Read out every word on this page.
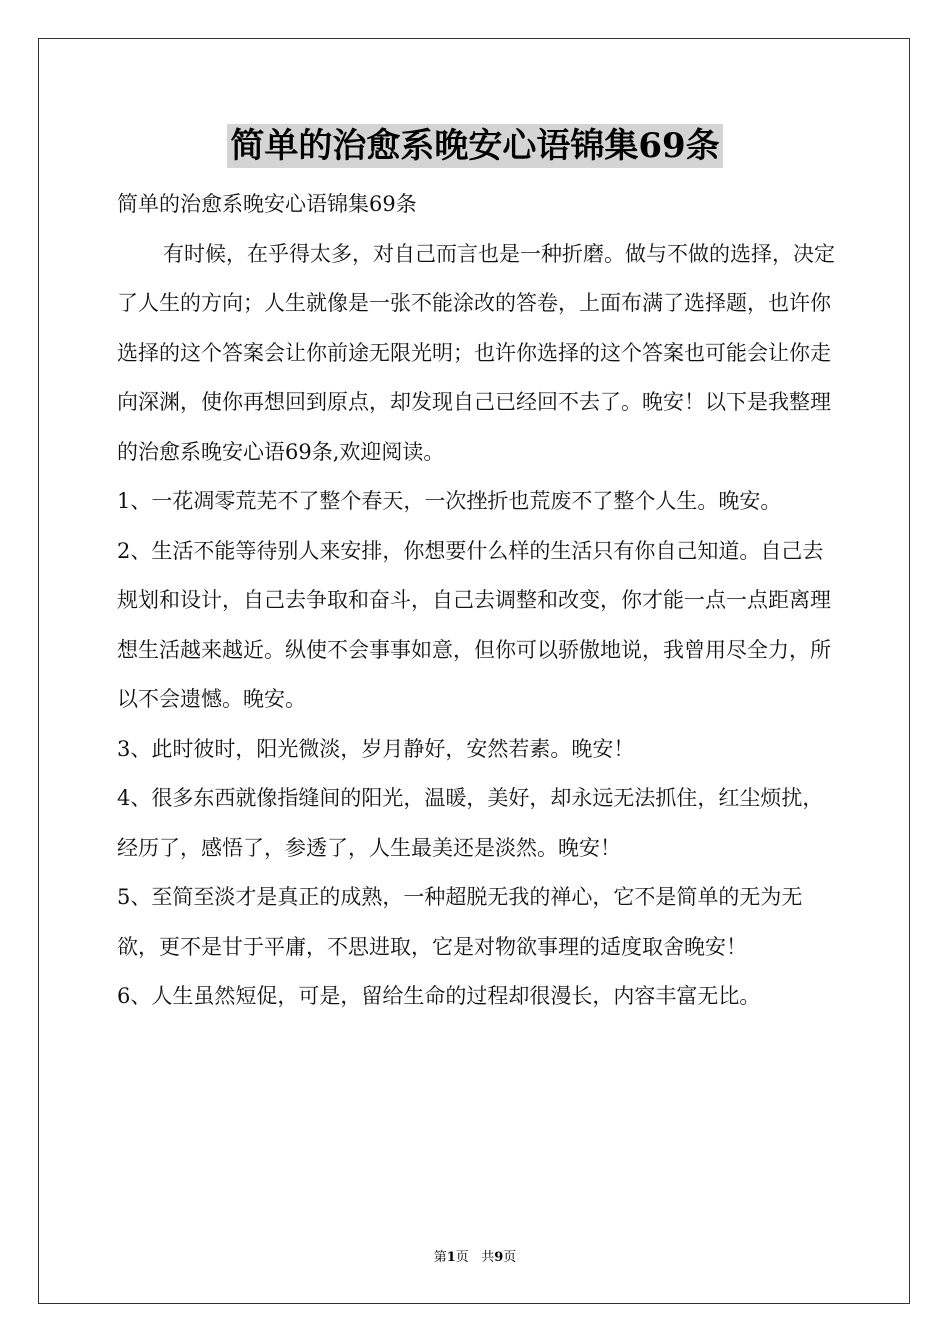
简单的治愈系晚安心语锦集69条

简单的治愈系晚安心语锦集69条

有时候，在乎得太多，对自己而言也是一种折磨。做与不做的选择，决定了人生的方向；人生就像是一张不能涂改的答卷，上面布满了选择题，也许你选择的这个答案会让你前途无限光明；也许你选择的这个答案也可能会让你走向深渊，使你再想回到原点，却发现自己已经回不去了。晚安！以下是我整理的治愈系晚安心语69条,欢迎阅读。

1、一花凋零荒芜不了整个春天，一次挫折也荒废不了整个人生。晚安。

2、生活不能等待别人来安排，你想要什么样的生活只有你自己知道。自己去规划和设计，自己去争取和奋斗，自己去调整和改变，你才能一点一点距离理想生活越来越近。纵使不会事事如意，但你可以骄傲地说，我曾用尽全力，所以不会遗憾。晚安。

3、此时彼时，阳光微淡，岁月静好，安然若素。晚安！

4、很多东西就像指缝间的阳光，温暖，美好，却永远无法抓住，红尘烦扰，经历了，感悟了，参透了，人生最美还是淡然。晚安！

5、至简至淡才是真正的成熟，一种超脱无我的禅心，它不是简单的无为无欲，更不是甘于平庸，不思进取，它是对物欲事理的适度取舍晚安！

6、人生虽然短促，可是，留给生命的过程却很漫长，内容丰富无比。

第1页 共9页
